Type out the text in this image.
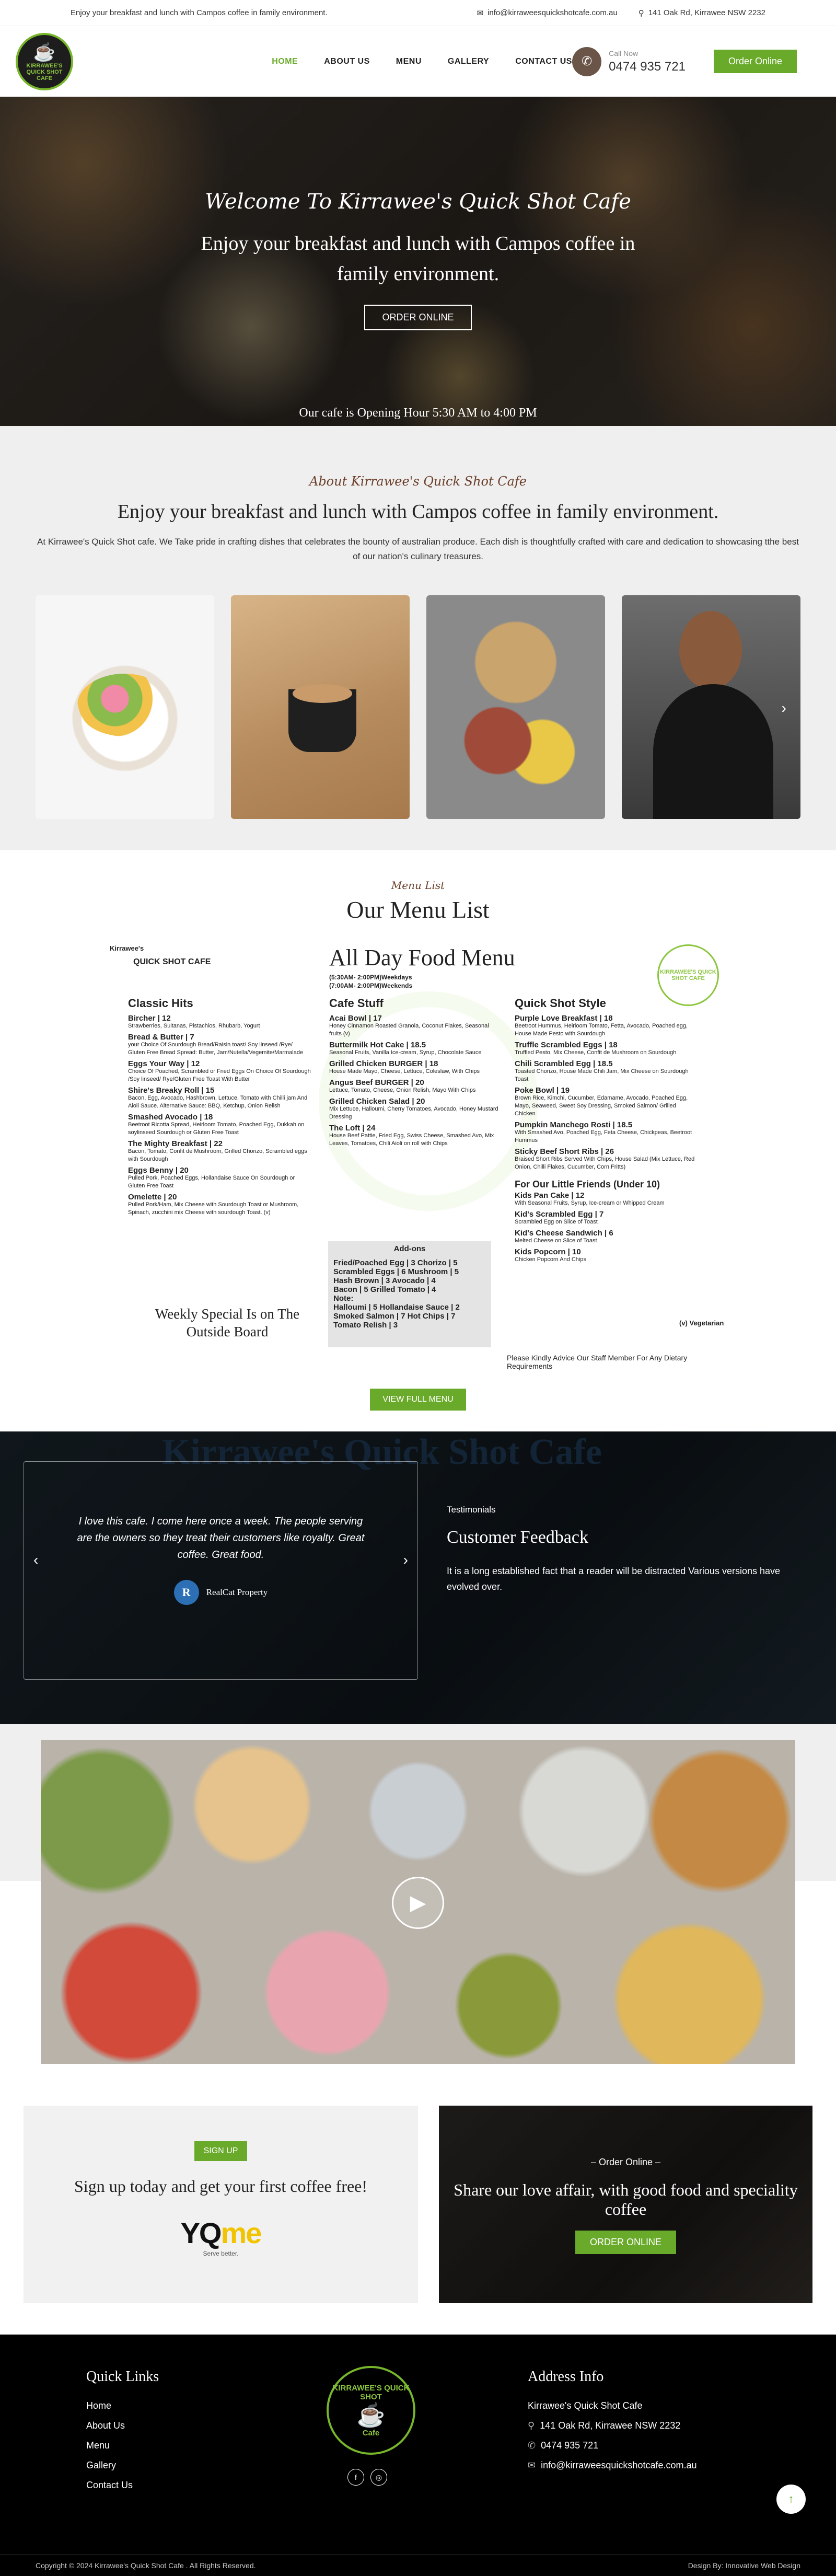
Enjoy your breakfast and lunch with Campos coffee in family environment.	✉ info@kirraweesquickshotcafe.com.au	⚲ 141 Oak Rd, Kirrawee NSW 2232
☕
KIRRAWEE'S QUICK SHOT CAFE
HOME	ABOUT US	MENU	GALLERY	CONTACT US ✆
Call Now
0474 935 721	Order Online
Welcome To Kirrawee's Quick Shot Cafe
Enjoy your breakfast and lunch with Campos coffee in family environment.
ORDER ONLINE
Our cafe is Opening Hour 5:30 AM to 4:00 PM
About Kirrawee's Quick Shot Cafe
Enjoy your breakfast and lunch with Campos coffee in family environment.
At Kirrawee's Quick Shot cafe. We Take pride in crafting dishes that celebrates the bounty of australian produce. Each dish is thoughtfully crafted with care and dedication to showcasing tthe best of our nation's culinary treasures.
›
Menu List
Our Menu List
Kirrawee's
QUICK SHOT CAFE	All Day Food Menu
(5:30AM- 2:00PM)Weekdays
(7:00AM- 2:00PM)Weekends
KIRRAWEE'S QUICK SHOT CAFE
Classic Hits
Bircher | 12
Strawberries, Sultanas, Pistachios, Rhubarb, Yogurt
Bread & Butter | 7
your Choice Of Sourdough Bread/Raisin toast/ Soy linseed /Rye/ Gluten Free Bread Spread: Butter, Jam/Nutella/Vegemite/Marmalade
Eggs Your Way | 12
Choice Of Poached, Scrambled or Fried Eggs On Choice Of Sourdough /Soy linseed/ Rye/Gluten Free Toast With Butter
Shire's Breaky Roll | 15
Bacon, Egg, Avocado, Hashbrown, Lettuce, Tomato with Chilli jam And Aioli Sauce. Alternative Sauce: BBQ, Ketchup, Onion Relish
Smashed Avocado | 18
Beetroot Ricotta Spread, Heirloom Tomato, Poached Egg, Dukkah on soylinseed Sourdough or Gluten Free Toast
The Mighty Breakfast | 22
Bacon, Tomato, Confit de Mushroom, Grilled Chorizo, Scrambled eggs with Sourdough
Eggs Benny | 20
Pulled Pork, Poached Eggs, Hollandaise Sauce On Sourdough or Gluten Free Toast
Omelette | 20
Pulled Pork/Ham, Mix Cheese with Sourdough Toast or Mushroom, Spinach, zucchini mix Cheese with sourdough Toast. (v)
Cafe Stuff
Acai Bowl | 17
Honey Cinnamon Roasted Granola, Coconut Flakes, Seasonal fruits (v)
Buttermilk Hot Cake | 18.5
Seasonal Fruits, Vanilla Ice-cream, Syrup, Chocolate Sauce
Grilled Chicken BURGER | 18
House Made Mayo, Cheese, Lettuce, Coleslaw, With Chips
Angus Beef BURGER | 20
Lettuce, Tomato, Cheese, Onion Relish, Mayo With Chips
Grilled Chicken Salad | 20
Mix Lettuce, Halloumi, Cherry Tomatoes, Avocado, Honey Mustard Dressing
The Loft | 24
House Beef Pattie, Fried Egg, Swiss Cheese, Smashed Avo, Mix Leaves, Tomatoes, Chili Aioli on roll with Chips
Add-ons
Fried/Poached Egg | 3 Chorizo | 5
Scrambled Eggs | 6 Mushroom | 5
Hash Brown | 3 Avocado | 4
Bacon | 5 Grilled Tomato | 4
Note:
Halloumi | 5 Hollandaise Sauce | 2
Smoked Salmon | 7 Hot Chips | 7
Tomato Relish | 3
Quick Shot Style
Purple Love Breakfast | 18
Beetroot Hummus, Heirloom Tomato, Fetta, Avocado, Poached egg, House Made Pesto with Sourdough
Truffle Scrambled Eggs | 18
Truffled Pesto, Mix Cheese, Confit de Mushroom on Sourdough
Chili Scrambled Egg | 18.5
Toasted Chorizo, House Made Chili Jam, Mix Cheese on Sourdough Toast
Poke Bowl | 19
Brown Rice, Kimchi, Cucumber, Edamame, Avocado, Poached Egg, Mayo, Seaweed, Sweet Soy Dressing, Smoked Salmon/ Grilled Chicken
Pumpkin Manchego Rosti | 18.5
With Smashed Avo, Poached Egg, Feta Cheese, Chickpeas, Beetroot Hummus
Sticky Beef Short Ribs | 26
Braised Short Ribs Served With Chips, House Salad (Mix Lettuce, Red Onion, Chilli Flakes, Cucumber, Corn Fritts)
For Our Little Friends (Under 10)
Kids Pan Cake | 12
With Seasonal Fruits, Syrup, Ice-cream or Whipped Cream
Kid's Scrambled Egg | 7
Scrambled Egg on Slice of Toast
Kid's Cheese Sandwich | 6
Melted Cheese on Slice of Toast
Kids Popcorn | 10
Chicken Popcorn And Chips
Weekly Special Is on The Outside Board
(v) Vegetarian
Please Kindly Advice Our Staff Member For Any Dietary Requirements
VIEW FULL MENU
Kirrawee's Quick Shot Cafe
‹	›
I love this cafe. I come here once a week. The people serving are the owners so they treat their customers like royalty. Great coffee. Great food.
R	RealCat Property
Testimonials
Customer Feedback
It is a long established fact that a reader will be distracted Various versions have evolved over.
▶
SIGN UP
Sign up today and get your first coffee free!
YQme
Serve better.
– Order Online –
Share our love affair, with good food and speciality coffee
ORDER ONLINE
Quick Links
Home
About Us
Menu
Gallery
Contact Us
KIRRAWEE'S QUICK SHOT
☕
Cafe
f	◎
Address Info
Kirrawee's Quick Shot Cafe
⚲ 141 Oak Rd, Kirrawee NSW 2232
✆ 0474 935 721
✉ info@kirraweesquickshotcafe.com.au
↑
Copyright © 2024 Kirrawee's Quick Shot Cafe . All Rights Reserved.	Design By: Innovative Web Design
